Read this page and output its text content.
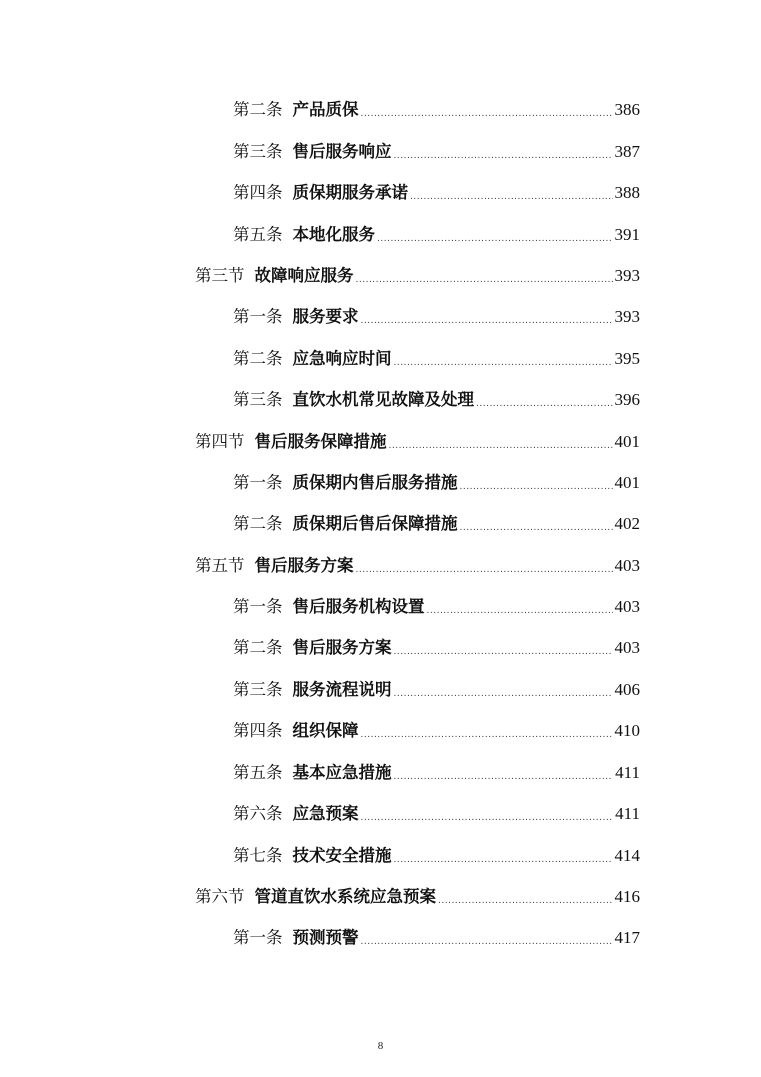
第二条 产品质保 .....	386
第三条 售后服务响应 .....	387
第四条 质保期服务承诺 .....	388
第五条 本地化服务 .....	391
第三节 故障响应服务 .....	393
第一条 服务要求 .....	393
第二条 应急响应时间 .....	395
第三条 直饮水机常见故障及处理 .....	396
第四节 售后服务保障措施 .....	401
第一条 质保期内售后服务措施 .....	401
第二条 质保期后售后保障措施 .....	402
第五节 售后服务方案 .....	403
第一条 售后服务机构设置 .....	403
第二条 售后服务方案 .....	403
第三条 服务流程说明 .....	406
第四条 组织保障 .....	410
第五条 基本应急措施 .....	411
第六条 应急预案 .....	411
第七条 技术安全措施 .....	414
第六节 管道直饮水系统应急预案 .....	416
第一条 预测预警 .....	417
8
